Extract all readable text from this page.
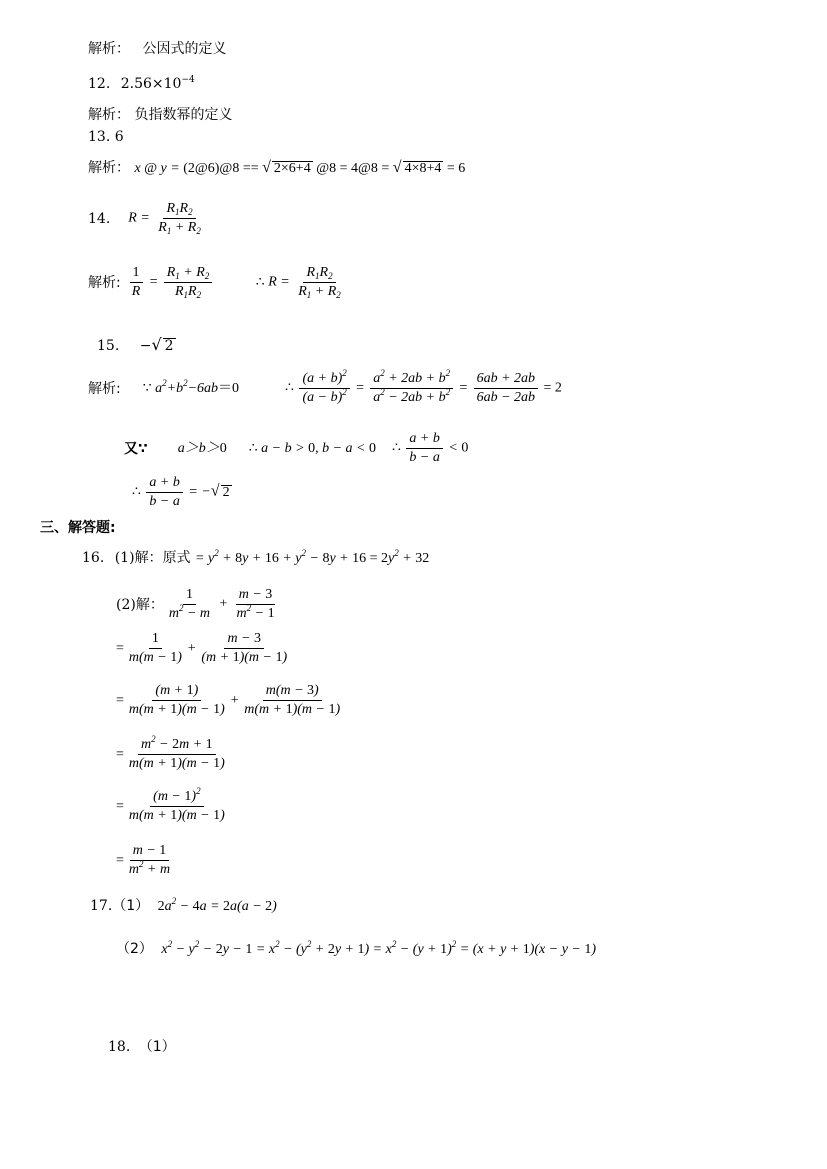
解析： 公因式的定义
12. $2.56\times 10^{-4}$
解析： 负指数幂的定义
13. 6
解析： x @ y = (2@6)@8 == √ 2×6+4 @8 = 4@8 = √ 4×8+4 = 6
14. $R = \frac{R_1R_2}{R_1 + R_2}$
解析: $\frac{1}{R} = \frac{R_1 + R_2}{R_1R_2}$	∴ $R = \frac{R_1R_2}{R_1 + R_2}$
15. −√ 2
解析: ∵ $a^2+b^2-6ab=0$	∴ $\frac{(a + b)^2}{(a - b)^2} = \frac{a^2 + 2ab + b^2}{a^2 - 2ab + b^2} = \frac{6ab + 2ab}{6ab - 2ab} = 2$
又∵ a＞b＞0 ∴ a − b > 0, b − a < 0 ∴ $\frac{a + b}{b - a} < 0$
∴ $\frac{a + b}{b - a}$ = −√ 2
三、解答题:
16. (1)解：原式 = $y^2 + 8y + 16 + y^2 - 8y + 16 = 2y^2 + 32$
(2) 解： $\frac{1}{m^2 - m} + \frac{m - 3}{m^2 - 1}$
= $\frac{1}{m(m - 1)} + \frac{m - 3}{(m + 1)(m - 1)}$
= $\frac{(m + 1)}{m(m + 1)(m - 1)} + \frac{m(m - 3)}{m(m + 1)(m - 1)}$
= $\frac{m^2 - 2m + 1}{m(m + 1)(m - 1)}$
= $\frac{(m - 1)^2}{m(m + 1)(m - 1)}$
= $\frac{m - 1}{m^2 + m}$
17.（1） $2a^2 - 4a = 2a(a - 2)$
（2） $x^2 - y^2 - 2y - 1 = x^2 - (y^2 + 2y + 1) = x^2 - (y + 1)^2 = (x + y + 1)(x - y - 1)$
18. （1）
